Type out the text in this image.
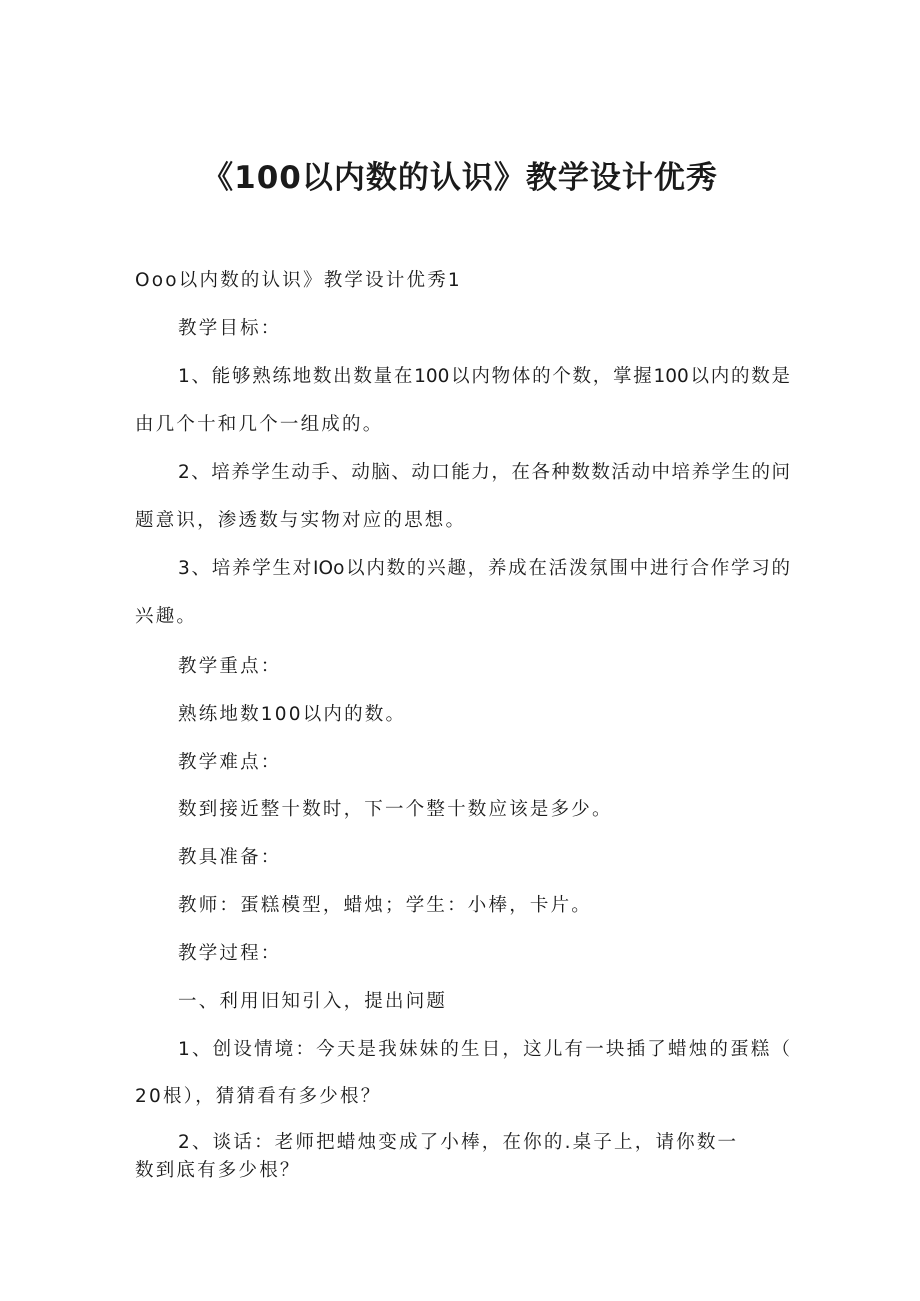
《100以内数的认识》教学设计优秀

Ooo以内数的认识》教学设计优秀1

教学目标：

1、能够熟练地数出数量在100以内物体的个数，掌握100以内的数是

由几个十和几个一组成的。

2、培养学生动手、动脑、动口能力，在各种数数活动中培养学生的问

题意识，渗透数与实物对应的思想。

3、培养学生对IOo以内数的兴趣，养成在活泼氛围中进行合作学习的

兴趣。

教学重点：

熟练地数100以内的数。

教学难点：

数到接近整十数时，下一个整十数应该是多少。

教具准备：

教师：蛋糕模型，蜡烛；学生：小棒，卡片。

教学过程：

一、利用旧知引入，提出问题

1、创设情境：今天是我妹妹的生日，这儿有一块插了蜡烛的蛋糕（

20根），猜猜看有多少根？

2、谈话：老师把蜡烛变成了小棒，在你的.桌子上，请你数一

数到底有多少根？
